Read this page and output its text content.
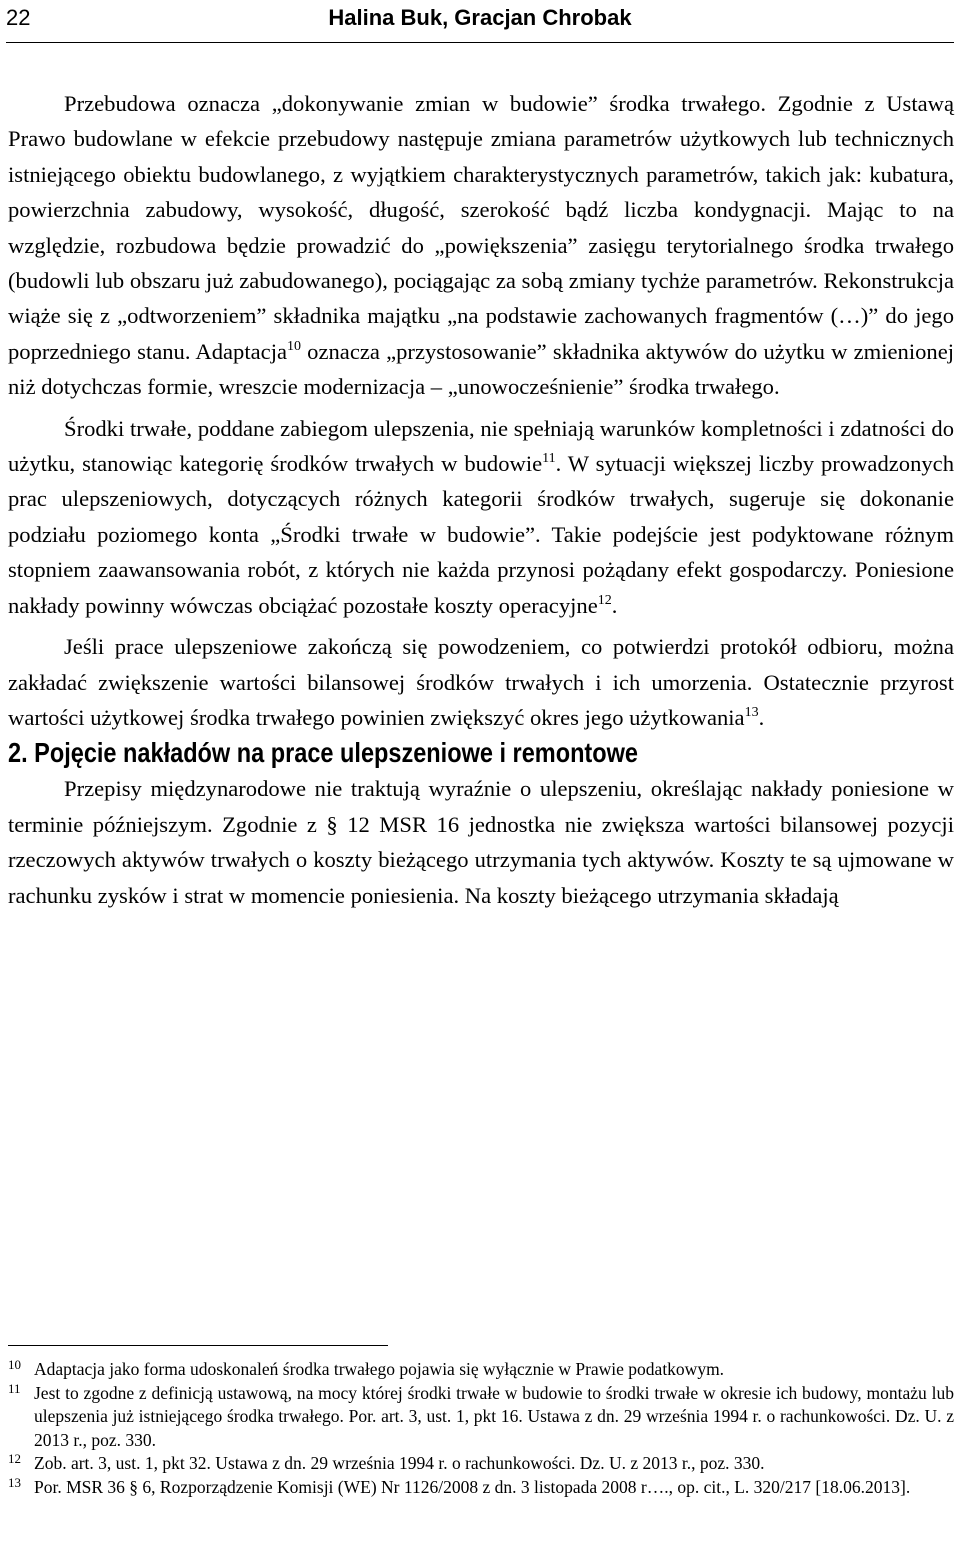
22	Halina Buk, Gracjan Chrobak

Przebudowa oznacza „dokonywanie zmian w budowie” środka trwałego. Zgodnie z Ustawą Prawo budowlane w efekcie przebudowy następuje zmiana parametrów użytkowych lub technicznych istniejącego obiektu budowlanego, z wyjątkiem charakterystycznych parametrów, takich jak: kubatura, powierzchnia zabudowy, wysokość, długość, szerokość bądź liczba kondygnacji. Mając to na względzie, rozbudowa będzie prowadzić do „powiększenia” zasięgu terytorialnego środka trwałego (budowli lub obszaru już zabudowanego), pociągając za sobą zmiany tychże parametrów. Rekonstrukcja wiąże się z „odtworzeniem” składnika majątku „na podstawie zachowanych fragmentów (…)” do jego poprzedniego stanu. Adaptacja$^{10}$ oznacza „przystosowanie” składnika aktywów do użytku w zmienionej niż dotychczas formie, wreszcie modernizacja – „unowocześnienie” środka trwałego.

Środki trwałe, poddane zabiegom ulepszenia, nie spełniają warunków kompletności i zdatności do użytku, stanowiąc kategorię środków trwałych w budowie$^{11}$. W sytuacji większej liczby prowadzonych prac ulepszeniowych, dotyczących różnych kategorii środków trwałych, sugeruje się dokonanie podziału poziomego konta „Środki trwałe w budowie”. Takie podejście jest podyktowane różnym stopniem zaawansowania robót, z których nie każda przynosi pożądany efekt gospodarczy. Poniesione nakłady powinny wówczas obciążać pozostałe koszty operacyjne$^{12}$.

Jeśli prace ulepszeniowe zakończą się powodzeniem, co potwierdzi protokół odbioru, można zakładać zwiększenie wartości bilansowej środków trwałych i ich umorzenia. Ostatecznie przyrost wartości użytkowej środka trwałego powinien zwiększyć okres jego użytkowania$^{13}$.

2. Pojęcie nakładów na prace ulepszeniowe i remontowe

Przepisy międzynarodowe nie traktują wyraźnie o ulepszeniu, określając nakłady poniesione w terminie późniejszym. Zgodnie z § 12 MSR 16 jednostka nie zwiększa wartości bilansowej pozycji rzeczowych aktywów trwałych o koszty bieżącego utrzymania tych aktywów. Koszty te są ujmowane w rachunku zysków i strat w momencie poniesienia. Na koszty bieżącego utrzymania składają

10 Adaptacja jako forma udoskonaleń środka trwałego pojawia się wyłącznie w Prawie podatkowym.
11 Jest to zgodne z definicją ustawową, na mocy której środki trwałe w budowie to środki trwałe w okresie ich budowy, montażu lub ulepszenia już istniejącego środka trwałego. Por. art. 3, ust. 1, pkt 16. Ustawa z dn. 29 września 1994 r. o rachunkowości. Dz. U. z 2013 r., poz. 330.
12 Zob. art. 3, ust. 1, pkt 32. Ustawa z dn. 29 września 1994 r. o rachunkowości. Dz. U. z 2013 r., poz. 330.
13 Por. MSR 36 § 6, Rozporządzenie Komisji (WE) Nr 1126/2008 z dn. 3 listopada 2008 r…., op. cit., L. 320/217 [18.06.2013].
